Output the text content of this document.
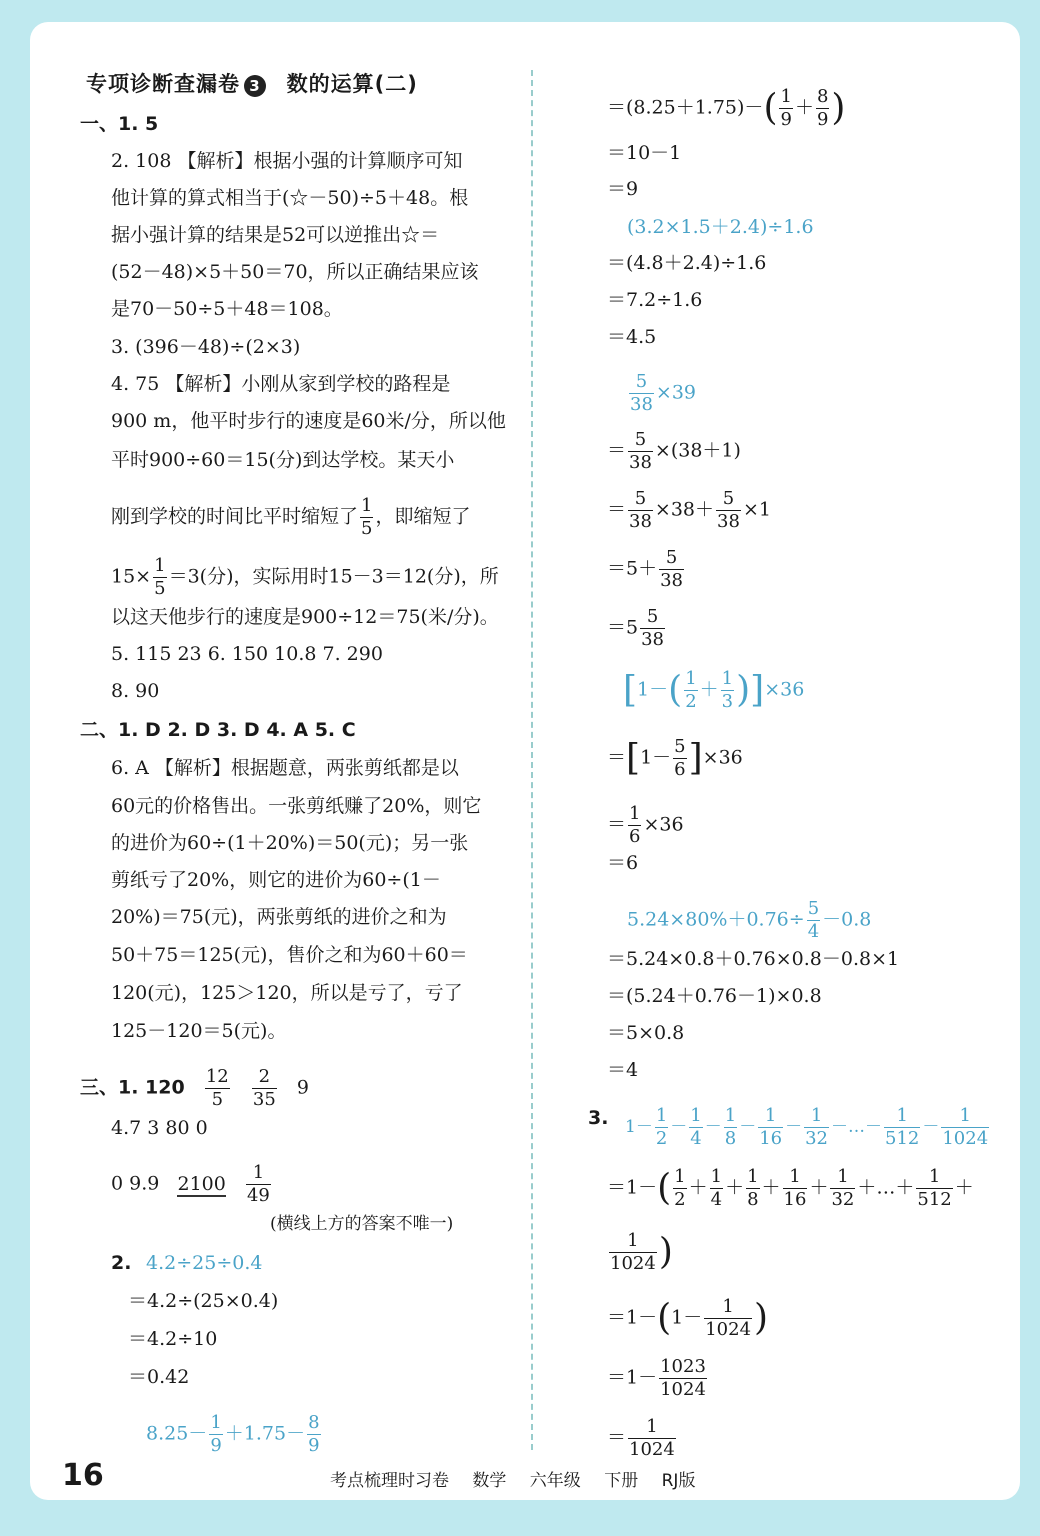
专项诊断查漏卷 3 数的运算(二)
一、1. 5
2. 108 【解析】根据小强的计算顺序可知
他计算的算式相当于(☆－50)÷5＋48。根
据小强计算的结果是52可以逆推出☆＝
(52－48)×5＋50＝70，所以正确结果应该
是70－50÷5＋48＝108。
3. (396－48)÷(2×3)
4. 75 【解析】小刚从家到学校的路程是
900 m，他平时步行的速度是60米/分，所以他
平时900÷60＝15(分)到达学校。某天小
刚到学校的时间比平时缩短了 $\frac{1}{5}$ ，即缩短了
$15\times \frac{1}{5} =3$(分)，实际用时15－3＝12(分)，所
以这天他步行的速度是900÷12＝75(米/分)。
5. 115 23 6. 150 10.8 7. 290
8. 90
二、1. D 2. D 3. D 4. A 5. C
6. A 【解析】根据题意，两张剪纸都是以
60元的价格售出。一张剪纸赚了20%，则它
的进价为60÷(1＋20%)＝50(元)；另一张
剪纸亏了20%，则它的进价为60÷(1－
20%)＝75(元)，两张剪纸的进价之和为
50＋75＝125(元)，售价之和为60＋60＝
120(元)，125＞120，所以是亏了，亏了
125－120＝5(元)。
三、1. $120 \frac{12}{5}$
$\frac{2}{35} 9$
4.7 3 80 0
0 9.9 $2100 \frac{1}{49}$
(横线上方的答案不唯一)
2. 4.2÷25÷0.4
＝4.2÷(25×0.4)
＝4.2÷10
＝0.42
$8.25- \frac{1}{9} +1.75- \frac{8}{9}$
$=(8.25+1.75)-( \frac{1}{9} + \frac{8}{9}$ )
＝10－1
＝9
(3.2×1.5＋2.4)÷1.6
＝(4.8＋2.4)÷1.6
＝7.2÷1.6
＝4.5
$\frac{5}{38} \times 39$
＝ $\frac{5}{38} \times(38+1)$
＝ $\frac{5}{38} \times 38+ \frac{5}{38} \times 1$
$=5+ \frac{5}{38}$
$=5 \frac{5}{38}$
$[1-( \frac{1}{2} + \frac{1}{3} )]\times 36$
$=[1- \frac{5}{6} ]\times 36$
＝ $\frac{1}{6} \times 36$
＝6
$5.24\times 80\%+0.76\div \frac{5}{4} -0.8$
＝5.24×0.8＋0.76×0.8－0.8×1
＝(5.24＋0.76－1)×0.8
＝5×0.8
＝4
3. $1- \frac{1}{2} - \frac{1}{4} - \frac{1}{8} - \frac{1}{16} - \frac{1}{32}$ －…－ $\frac{1}{512} - \frac{1}{1024}$
$=1-( \frac{1}{2} + \frac{1}{4} + \frac{1}{8} + \frac{1}{16} + \frac{1}{32}$ ＋…＋ $\frac{1}{512}$ ＋
$\frac{1}{1024}$ )
$=1-(1- \frac{1}{1024}$ )
$=1- \frac{1023}{1024}$
＝ $\frac{1}{1024}$
16	考点梳理时习卷 数学 六年级 下册 RJ版
